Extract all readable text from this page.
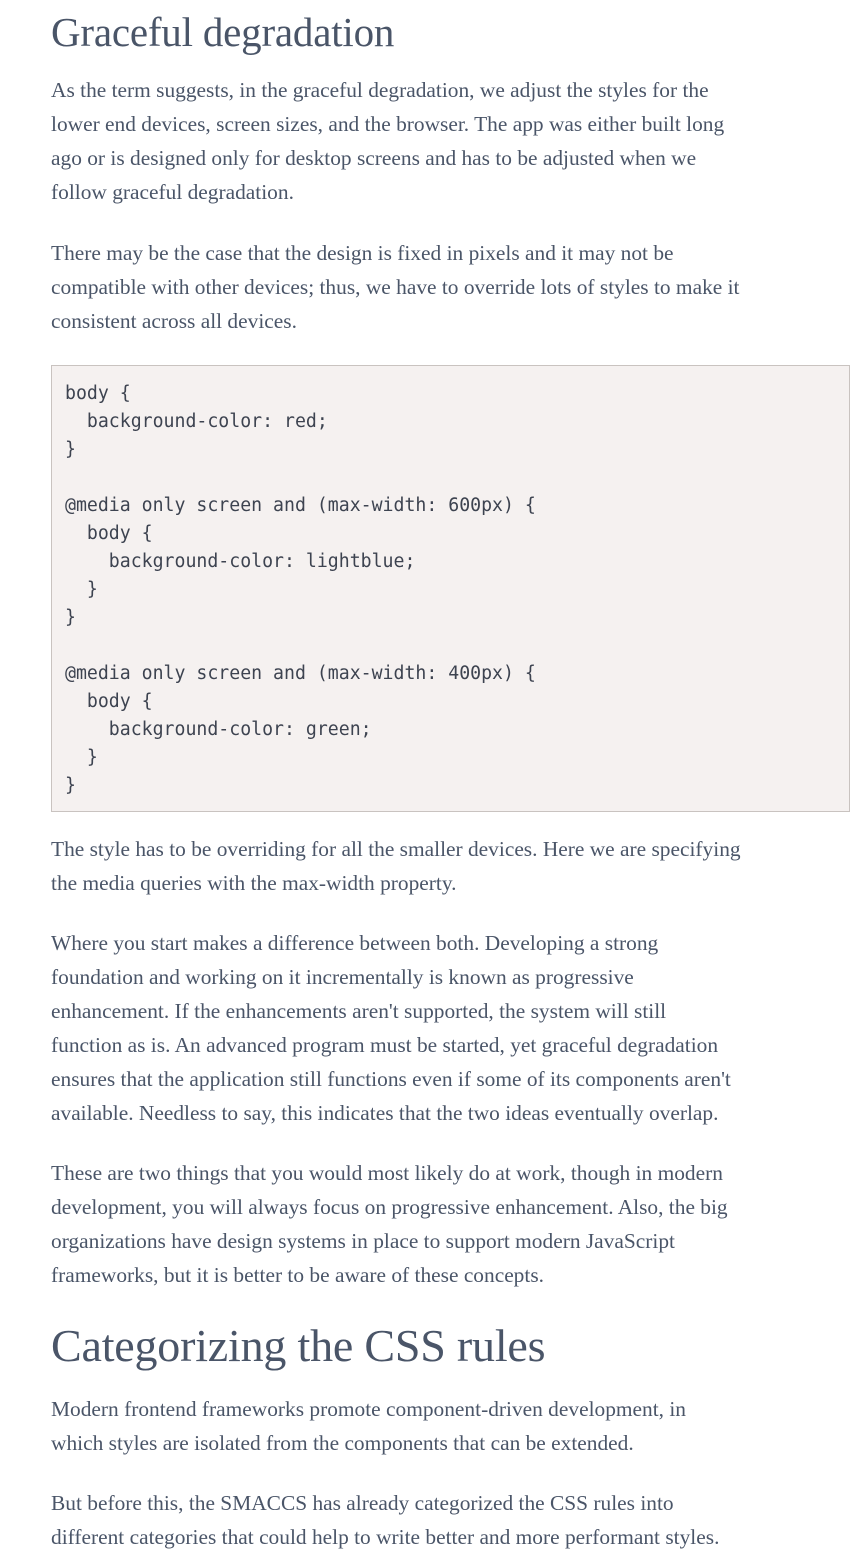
Graceful degradation

As the term suggests, in the graceful degradation, we adjust the styles for the
lower end devices, screen sizes, and the browser. The app was either built long
ago or is designed only for desktop screens and has to be adjusted when we
follow graceful degradation.

There may be the case that the design is fixed in pixels and it may not be
compatible with other devices; thus, we have to override lots of styles to make it
consistent across all devices.

body {
background-color: red;
}

@media only screen and (max-width: 600px) {
body {
background-color: lightblue;
}
}

@media only screen and (max-width: 400px) {
body {
background-color: green;
}
}

The style has to be overriding for all the smaller devices. Here we are specifying
the media queries with the max-width property.

Where you start makes a difference between both. Developing a strong
foundation and working on it incrementally is known as progressive
enhancement. If the enhancements aren't supported, the system will still
function as is. An advanced program must be started, yet graceful degradation
ensures that the application still functions even if some of its components aren't
available. Needless to say, this indicates that the two ideas eventually overlap.

These are two things that you would most likely do at work, though in modern
development, you will always focus on progressive enhancement. Also, the big
organizations have design systems in place to support modern JavaScript
frameworks, but it is better to be aware of these concepts.

Categorizing the CSS rules

Modern frontend frameworks promote component-driven development, in
which styles are isolated from the components that can be extended.

But before this, the SMACCS has already categorized the CSS rules into
different categories that could help to write better and more performant styles.
